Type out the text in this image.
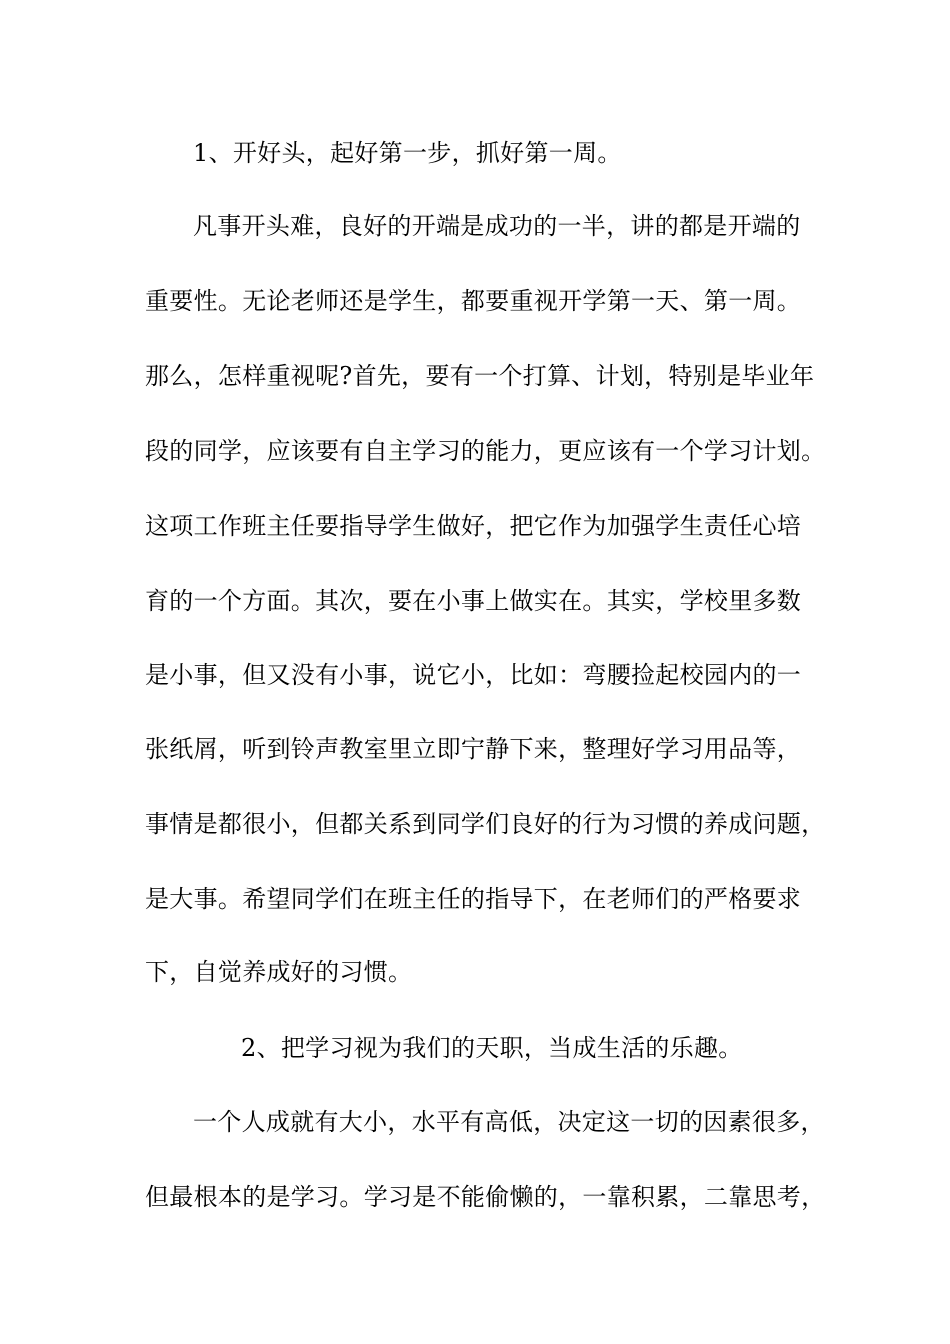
1、开好头，起好第一步，抓好第一周。
凡事开头难，良好的开端是成功的一半，讲的都是开端的
重要性。无论老师还是学生，都要重视开学第一天、第一周。
那么，怎样重视呢?首先，要有一个打算、计划，特别是毕业年
段的同学，应该要有自主学习的能力，更应该有一个学习计划。
这项工作班主任要指导学生做好，把它作为加强学生责任心培
育的一个方面。其次，要在小事上做实在。其实，学校里多数
是小事，但又没有小事，说它小，比如：弯腰捡起校园内的一
张纸屑，听到铃声教室里立即宁静下来，整理好学习用品等，
事情是都很小，但都关系到同学们良好的行为习惯的养成问题，
是大事。希望同学们在班主任的指导下，在老师们的严格要求
下，自觉养成好的习惯。
2、把学习视为我们的天职，当成生活的乐趣。
一个人成就有大小，水平有高低，决定这一切的因素很多，
但最根本的是学习。学习是不能偷懒的，一靠积累，二靠思考，
